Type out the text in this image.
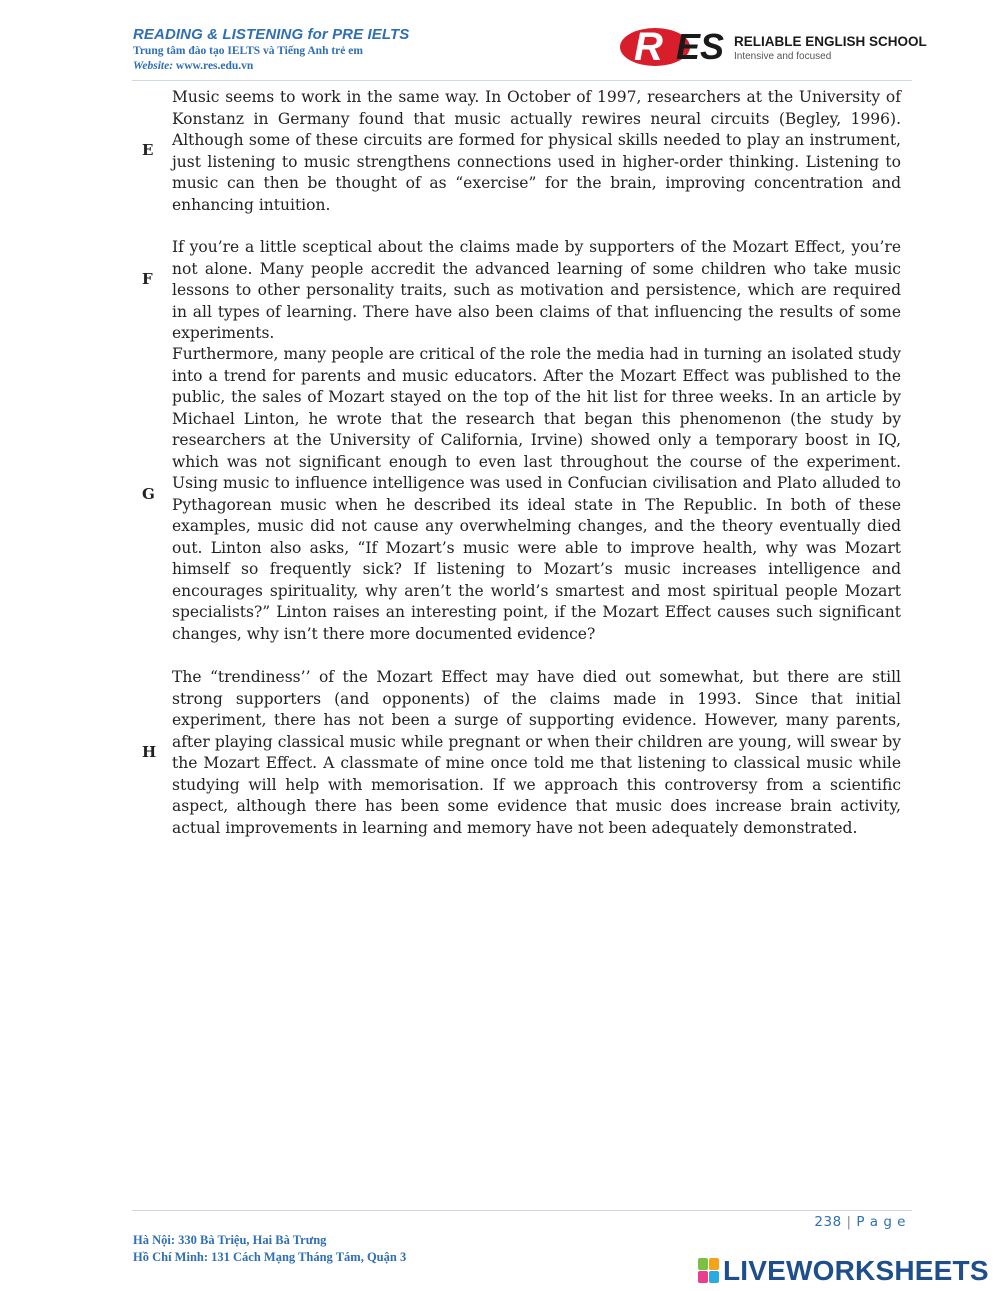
READING & LISTENING for PRE IELTS
Trung tâm đào tạo IELTS và Tiếng Anh trẻ em
Website: www.res.edu.vn	R ES RELIABLE ENGLISH SCHOOL
Intensive and focused
E
Music seems to work in the same way. In October of 1997, researchers at the University of Konstanz in Germany found that music actually rewires neural circuits (Begley, 1996). Although some of these circuits are formed for physical skills needed to play an instrument, just listening to music strengthens connections used in higher-order thinking. Listening to music can then be thought of as “exercise” for the brain, improving concentration and enhancing intuition.
F
If you’re a little sceptical about the claims made by supporters of the Mozart Effect, you’re not alone. Many people accredit the advanced learning of some children who take music lessons to other personality traits, such as motivation and persistence, which are required in all types of learning. There have also been claims of that influencing the results of some experiments.
G
Furthermore, many people are critical of the role the media had in turning an isolated study into a trend for parents and music educators. After the Mozart Effect was published to the public, the sales of Mozart stayed on the top of the hit list for three weeks. In an article by Michael Linton, he wrote that the research that began this phenomenon (the study by researchers at the University of California, Irvine) showed only a temporary boost in IQ, which was not significant enough to even last throughout the course of the experiment. Using music to influence intelligence was used in Confucian civilisation and Plato alluded to Pythagorean music when he described its ideal state in The Republic. In both of these examples, music did not cause any overwhelming changes, and the theory eventually died out. Linton also asks, “If Mozart’s music were able to improve health, why was Mozart himself so frequently sick? If listening to Mozart’s music increases intelligence and encourages spirituality, why aren’t the world’s smartest and most spiritual people Mozart specialists?” Linton raises an interesting point, if the Mozart Effect causes such significant changes, why isn’t there more documented evidence?
H
The “trendiness’’ of the Mozart Effect may have died out somewhat, but there are still strong supporters (and opponents) of the claims made in 1993. Since that initial experiment, there has not been a surge of supporting evidence. However, many parents, after playing classical music while pregnant or when their children are young, will swear by the Mozart Effect. A classmate of mine once told me that listening to classical music while studying will help with memorisation. If we approach this controversy from a scientific aspect, although there has been some evidence that music does increase brain activity, actual improvements in learning and memory have not been adequately demonstrated.
238 | P a g e
Hà Nội: 330 Bà Triệu, Hai Bà Trưng
Hồ Chí Minh: 131 Cách Mạng Tháng Tám, Quận 3	LIVEWORKSHEETS
